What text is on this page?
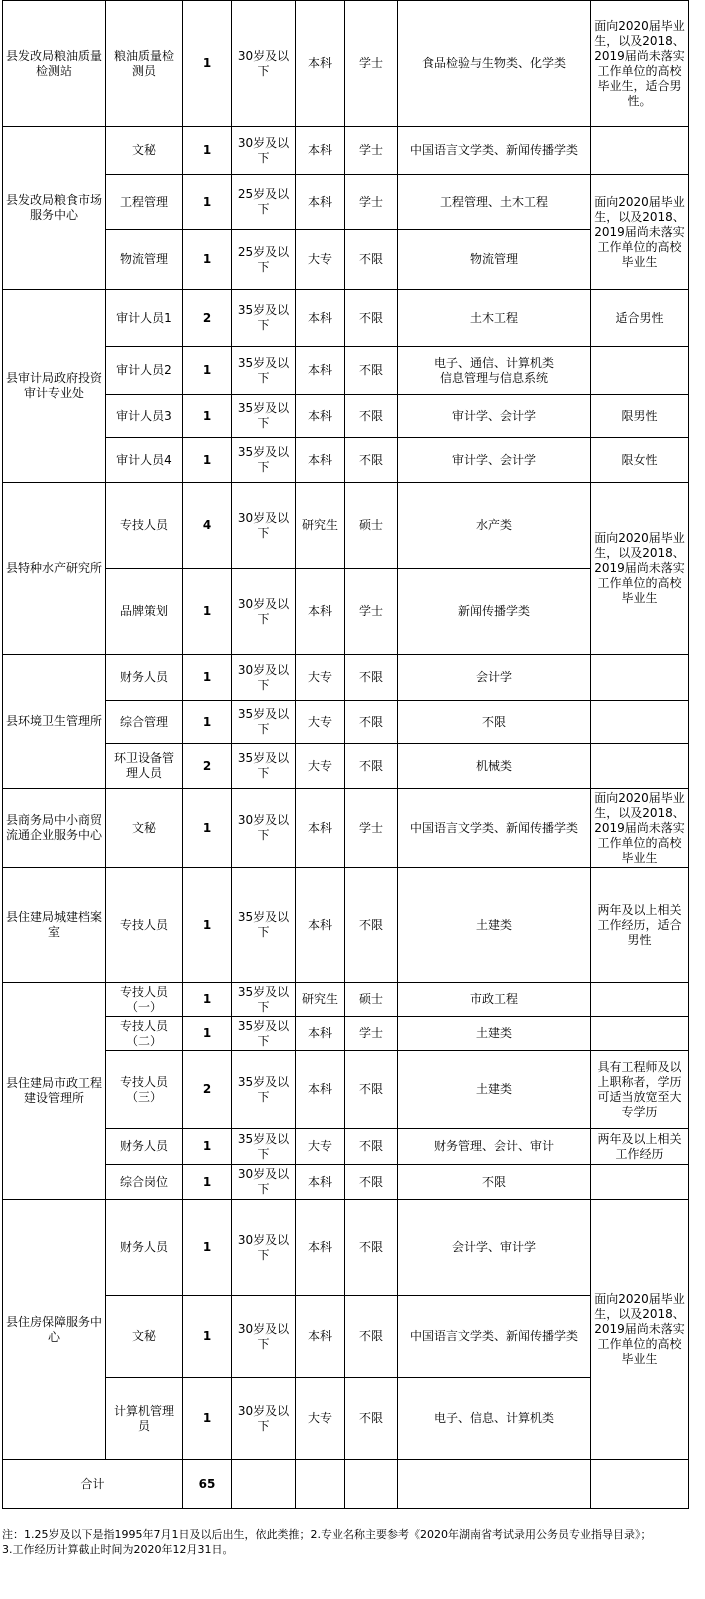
县发改局粮油质量检测站	粮油质量检测员	1	30岁及以下	本科	学士	食品检验与生物类、化学类	面向2020届毕业生，以及2018、2019届尚未落实工作单位的高校毕业生，适合男性。
县发改局粮食市场服务中心	文秘	1	30岁及以下	本科	学士	中国语言文学类、新闻传播学类	
	工程管理	1	25岁及以下	本科	学士	工程管理、土木工程	面向2020届毕业生，以及2018、2019届尚未落实工作单位的高校毕业生
	物流管理	1	25岁及以下	大专	不限	物流管理	
县审计局政府投资审计专业处	审计人员1	2	35岁及以下	本科	不限	土木工程	适合男性
	审计人员2	1	35岁及以下	本科	不限	电子、通信、计算机类
信息管理与信息系统	
	审计人员3	1	35岁及以下	本科	不限	审计学、会计学	限男性
	审计人员4	1	35岁及以下	本科	不限	审计学、会计学	限女性
县特种水产研究所	专技人员	4	30岁及以下	研究生	硕士	水产类	面向2020届毕业生，以及2018、2019届尚未落实工作单位的高校毕业生
	品牌策划	1	30岁及以下	本科	学士	新闻传播学类	
县环境卫生管理所	财务人员	1	30岁及以下	大专	不限	会计学	
	综合管理	1	35岁及以下	大专	不限	不限	
	环卫设备管理人员	2	35岁及以下	大专	不限	机械类	
县商务局中小商贸流通企业服务中心	文秘	1	30岁及以下	本科	学士	中国语言文学类、新闻传播学类	面向2020届毕业生，以及2018、2019届尚未落实工作单位的高校毕业生
县住建局城建档案室	专技人员	1	35岁及以下	本科	不限	土建类	两年及以上相关工作经历，适合男性
县住建局市政工程建设管理所	专技人员（一）	1	35岁及以下	研究生	硕士	市政工程	
	专技人员（二）	1	35岁及以下	本科	学士	土建类	
	专技人员（三）	2	35岁及以下	本科	不限	土建类	具有工程师及以上职称者，学历可适当放宽至大专学历
	财务人员	1	35岁及以下	大专	不限	财务管理、会计、审计	两年及以上相关工作经历
	综合岗位	1	30岁及以下	本科	不限	不限	
县住房保障服务中心	财务人员	1	30岁及以下	本科	不限	会计学、审计学	面向2020届毕业生，以及2018、2019届尚未落实工作单位的高校毕业生
	文秘	1	30岁及以下	本科	不限	中国语言文学类、新闻传播学类	
	计算机管理员	1	30岁及以下	大专	不限	电子、信息、计算机类	
合计		65					
注：1.25岁及以下是指1995年7月1日及以后出生，依此类推；2.专业名称主要参考《2020年湖南省考试录用公务员专业指导目录》；
3.工作经历计算截止时间为2020年12月31日。
